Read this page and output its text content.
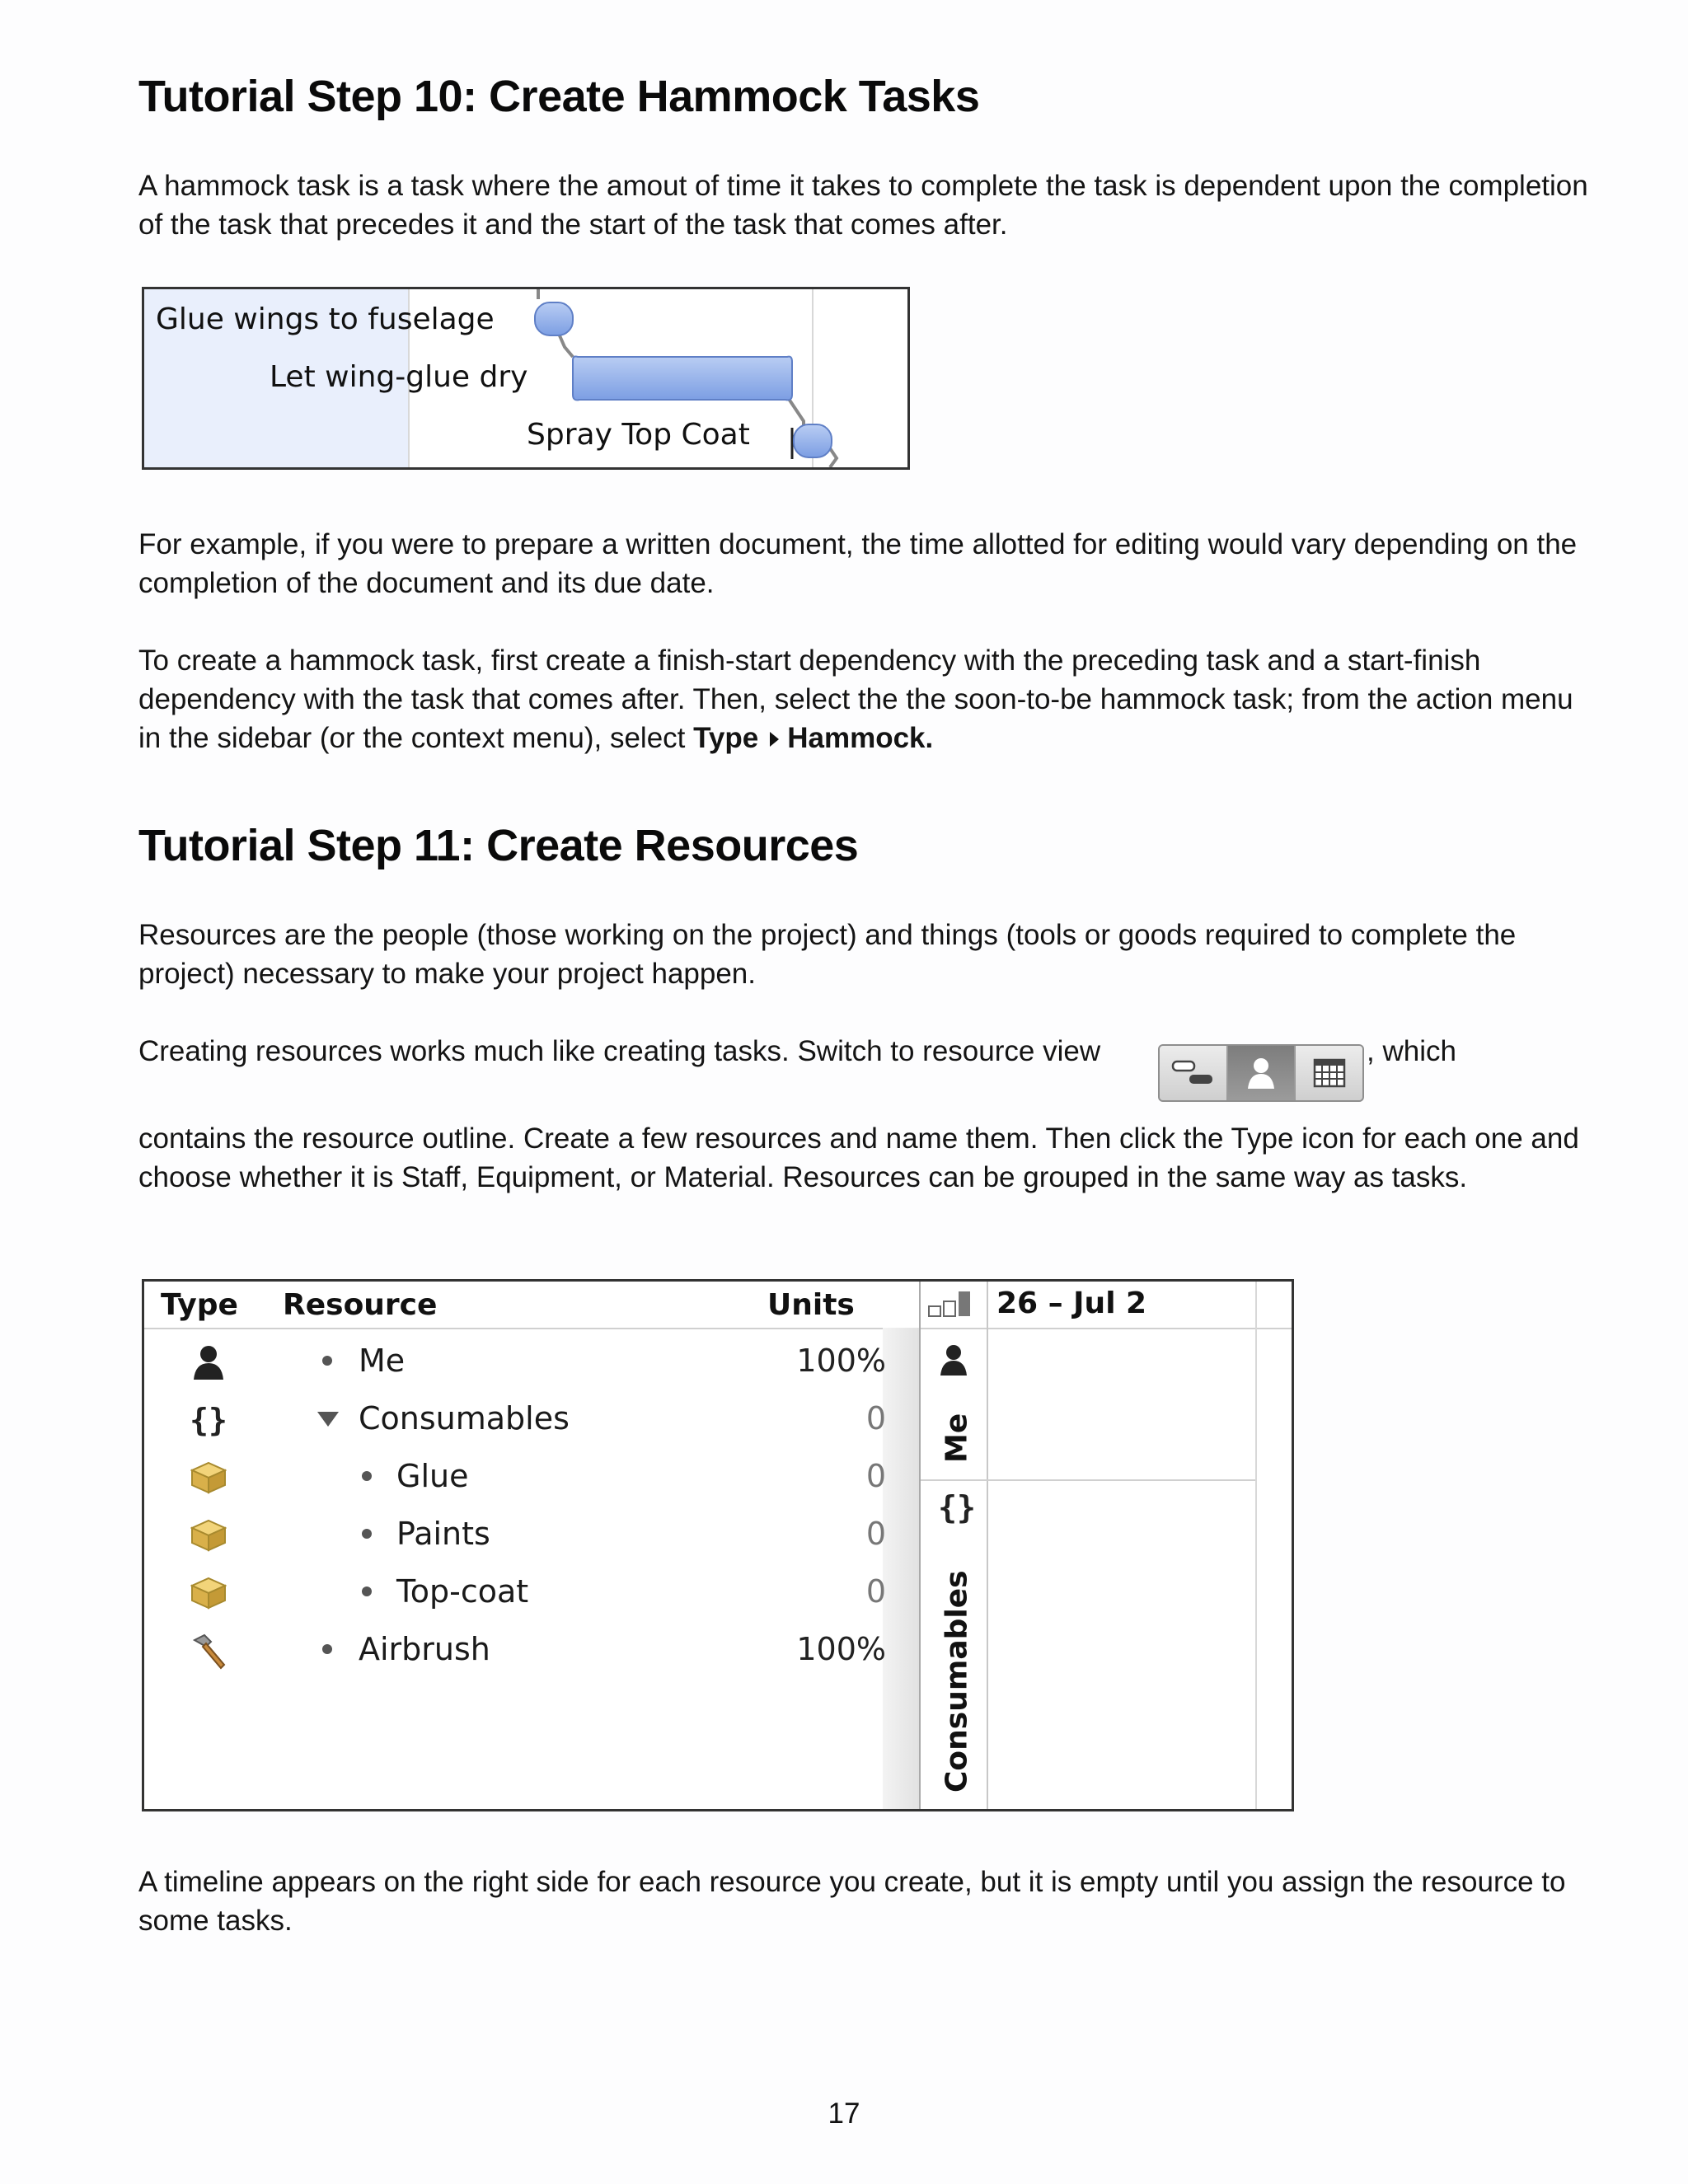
Tutorial Step 10: Create Hammock Tasks

A hammock task is a task where the amout of time it takes to complete the task is dependent upon the completion of the task that precedes it and the start of the task that comes after.

Glue wings to fuselage
Let wing-glue dry
Spray Top Coat

For example, if you were to prepare a written document, the time allotted for editing would vary depending on the completion of the document and its due date.

To create a hammock task, first create a finish-start dependency with the preceding task and a start-finish dependency with the task that comes after. Then, select the the soon-to-be hammock task; from the action menu in the sidebar (or the context menu), select Type Hammock.

Tutorial Step 11: Create Resources

Resources are the people (those working on the project) and things (tools or goods required to complete the project) necessary to make your project happen.

Creating resources works much like creating tasks. Switch to resource view	, which

contains the resource outline. Create a few resources and name them. Then click the Type icon for each one and choose whether it is Staff, Equipment, or Material. Resources can be grouped in the same way as tasks.

Type Resource	Units	26 – Jul 2
Me	100%
{}	Consumables	0
Glue	0
Paints	0
Top-coat	0
Airbrush	100%
Me
{}
Consumables

A timeline appears on the right side for each resource you create, but it is empty until you assign the resource to some tasks.

17
